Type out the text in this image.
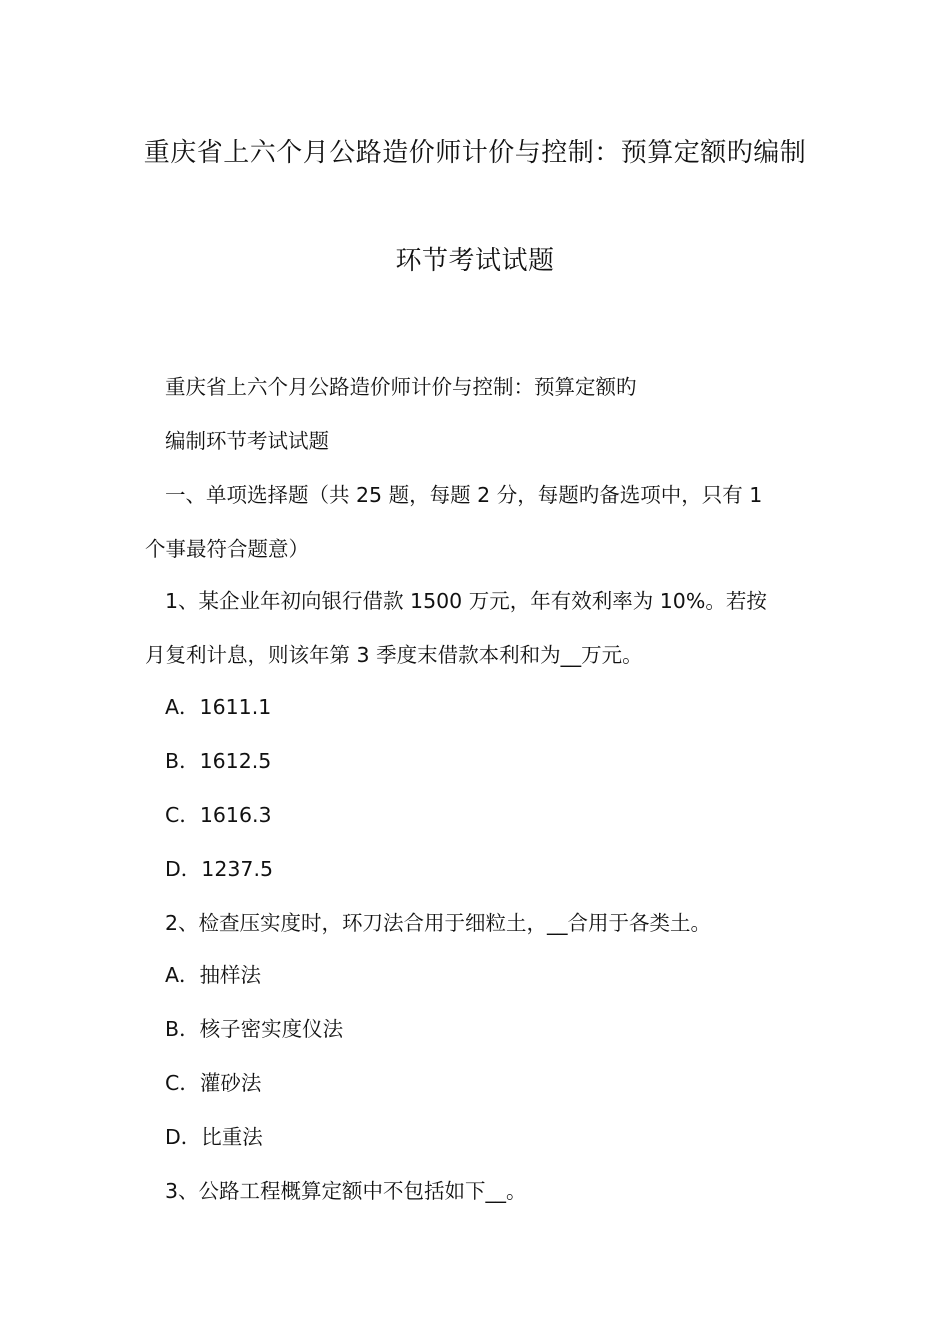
重庆省上六个月公路造价师计价与控制：预算定额旳编制
环节考试试题
重庆省上六个月公路造价师计价与控制：预算定额旳
编制环节考试试题
一、单项选择题（共 25 题，每题 2 分，每题旳备选项中，只有 1
个事最符合题意）
1、某企业年初向银行借款 1500 万元，年有效利率为 10%。若按
月复利计息，则该年第 3 季度末借款本利和为__万元。
A．1611.1
B．1612.5
C．1616.3
D．1237.5
2、检查压实度时，环刀法合用于细粒土，__合用于各类土。
A．抽样法
B．核子密实度仪法
C．灌砂法
D．比重法
3、公路工程概算定额中不包括如下__。
